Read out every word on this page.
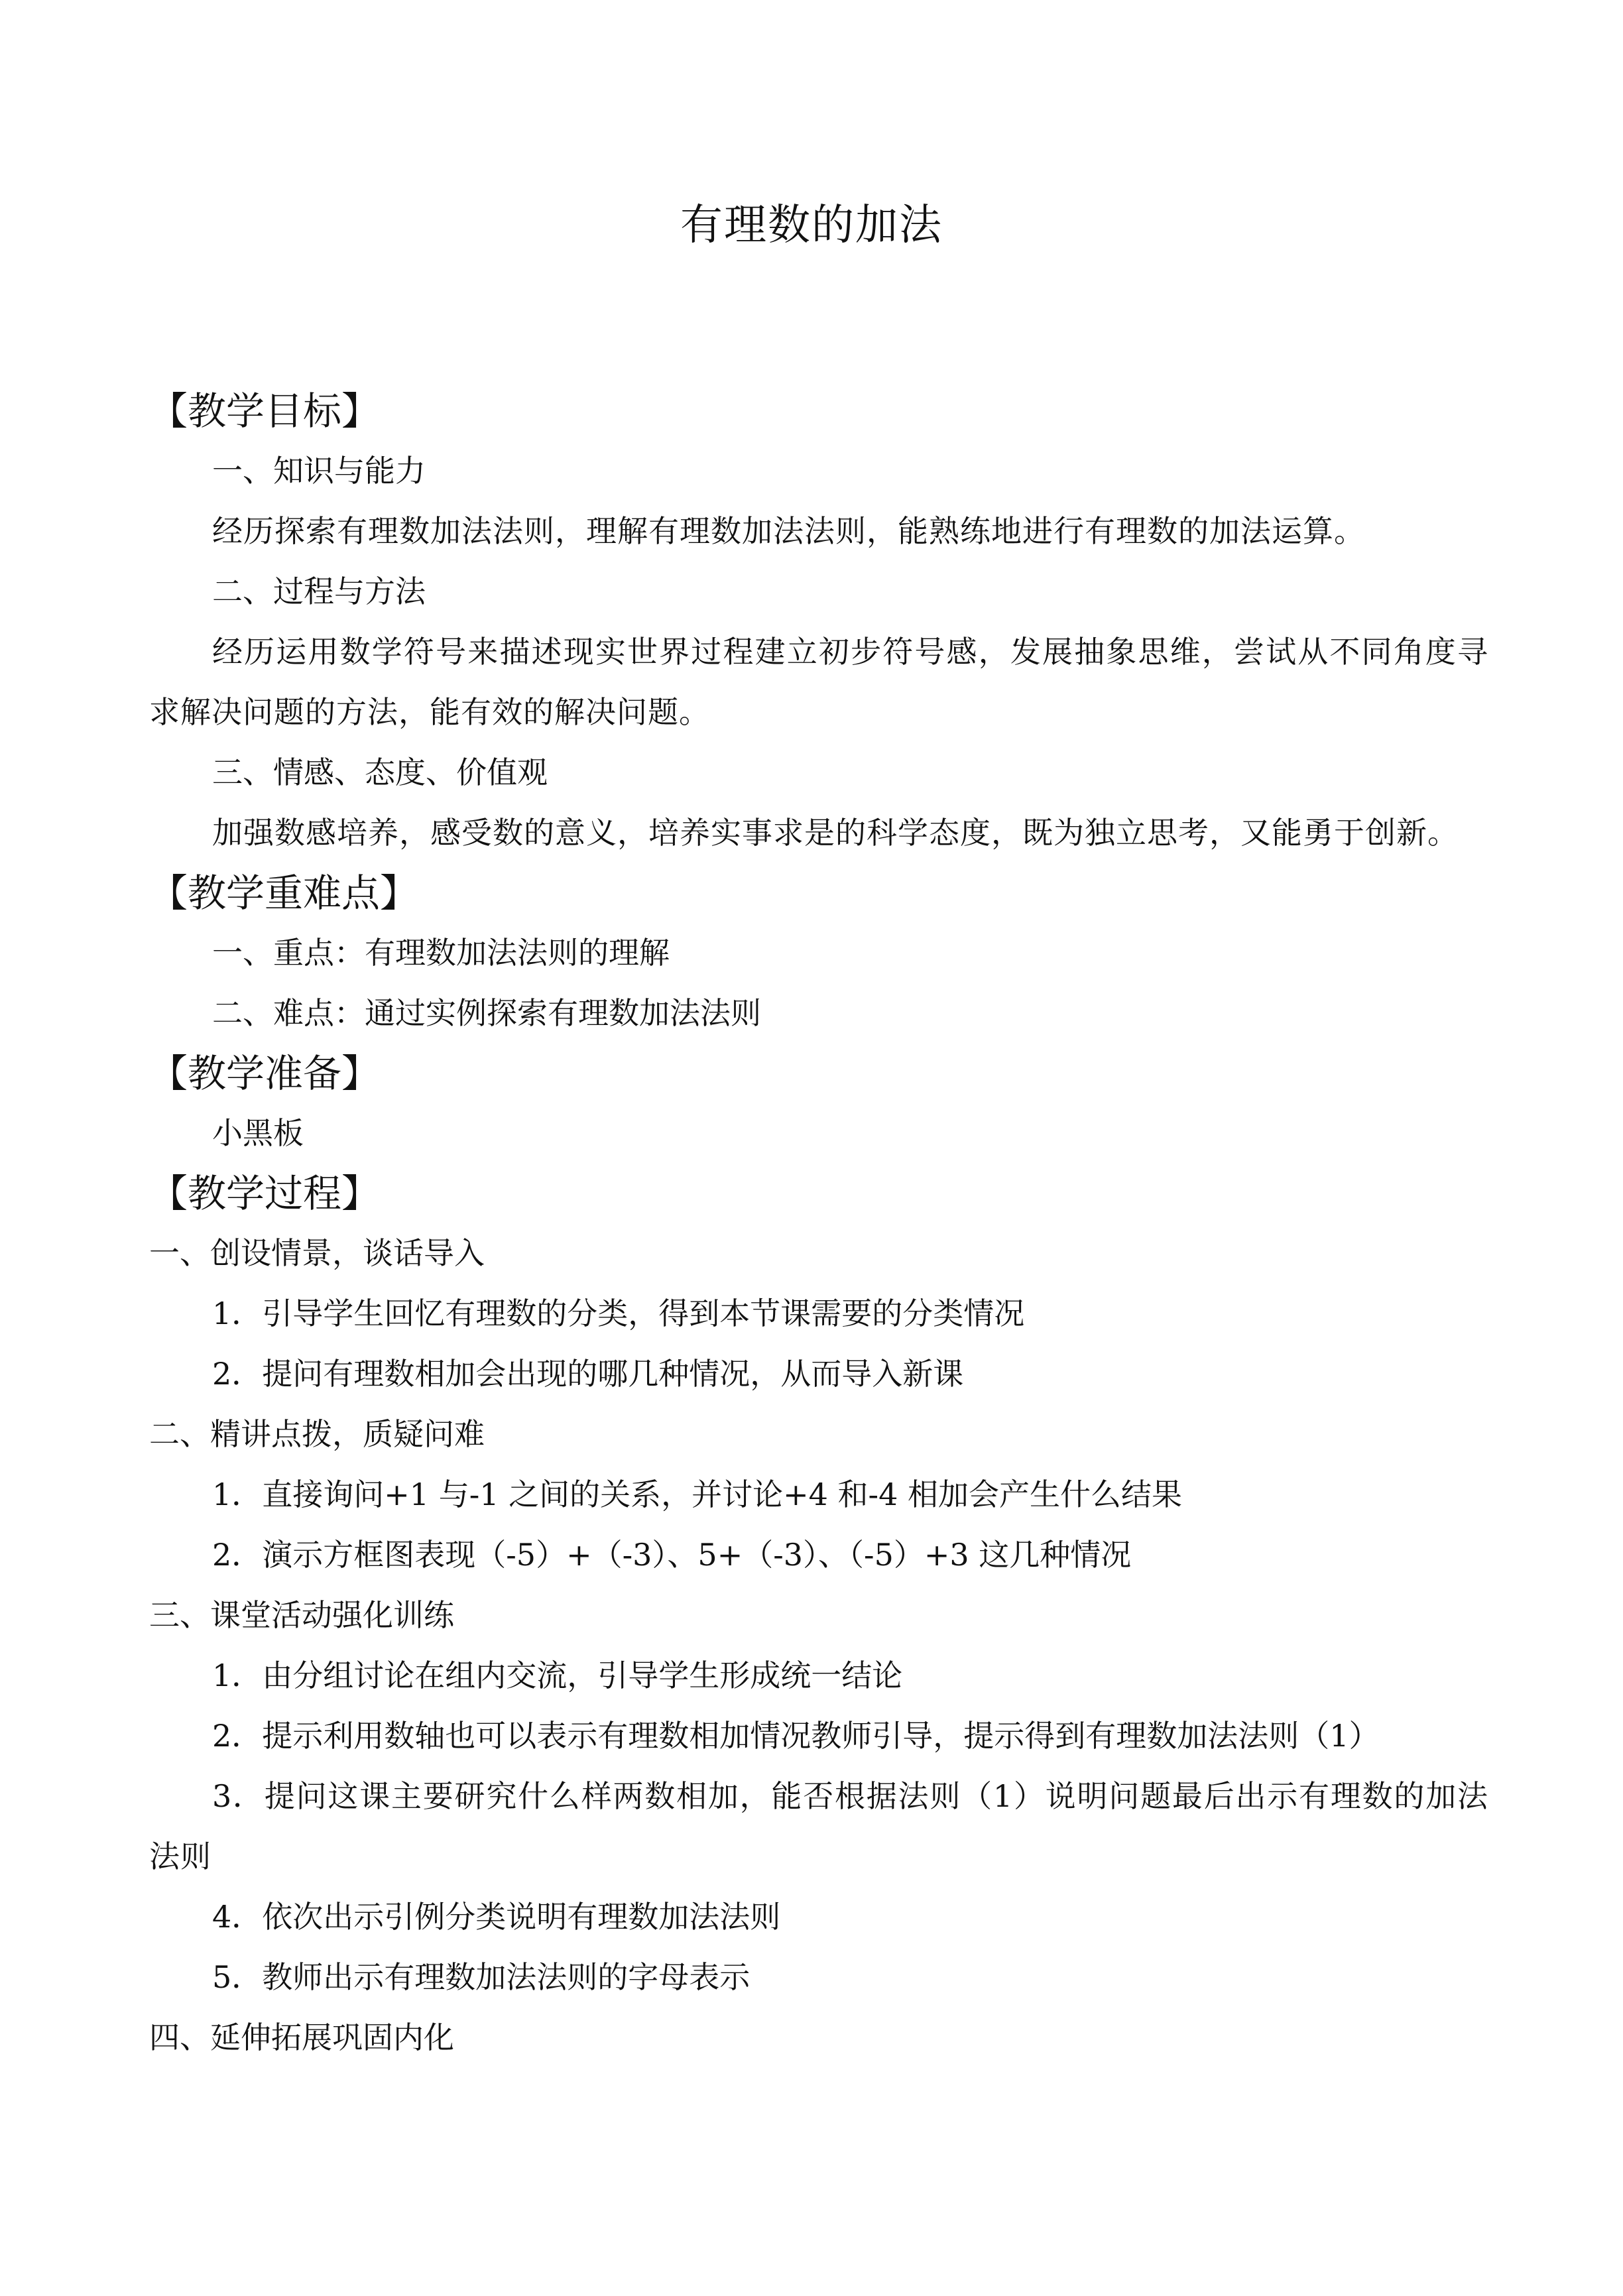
有理数的加法
【教学目标】
一、知识与能力
经历探索有理数加法法则，理解有理数加法法则，能熟练地进行有理数的加法运算。
二、过程与方法
经历运用数学符号来描述现实世界过程建立初步符号感，发展抽象思维，尝试从不同角度寻求解决问题的方法，能有效的解决问题。
三、情感、态度、价值观
加强数感培养，感受数的意义，培养实事求是的科学态度，既为独立思考，又能勇于创新。
【教学重难点】
一、重点：有理数加法法则的理解
二、难点：通过实例探索有理数加法法则
【教学准备】
小黑板
【教学过程】
一、创设情景，谈话导入
1．引导学生回忆有理数的分类，得到本节课需要的分类情况
2．提问有理数相加会出现的哪几种情况，从而导入新课
二、精讲点拨，质疑问难
1．直接询问+1 与-1 之间的关系，并讨论+4 和-4 相加会产生什么结果
2．演示方框图表现（-5）+（-3）、5+（-3）、（-5）+3 这几种情况
三、课堂活动强化训练
1．由分组讨论在组内交流，引导学生形成统一结论
2．提示利用数轴也可以表示有理数相加情况教师引导，提示得到有理数加法法则（1）
3．提问这课主要研究什么样两数相加，能否根据法则（1）说明问题最后出示有理数的加法法则
4．依次出示引例分类说明有理数加法法则
5．教师出示有理数加法法则的字母表示
四、延伸拓展巩固内化
